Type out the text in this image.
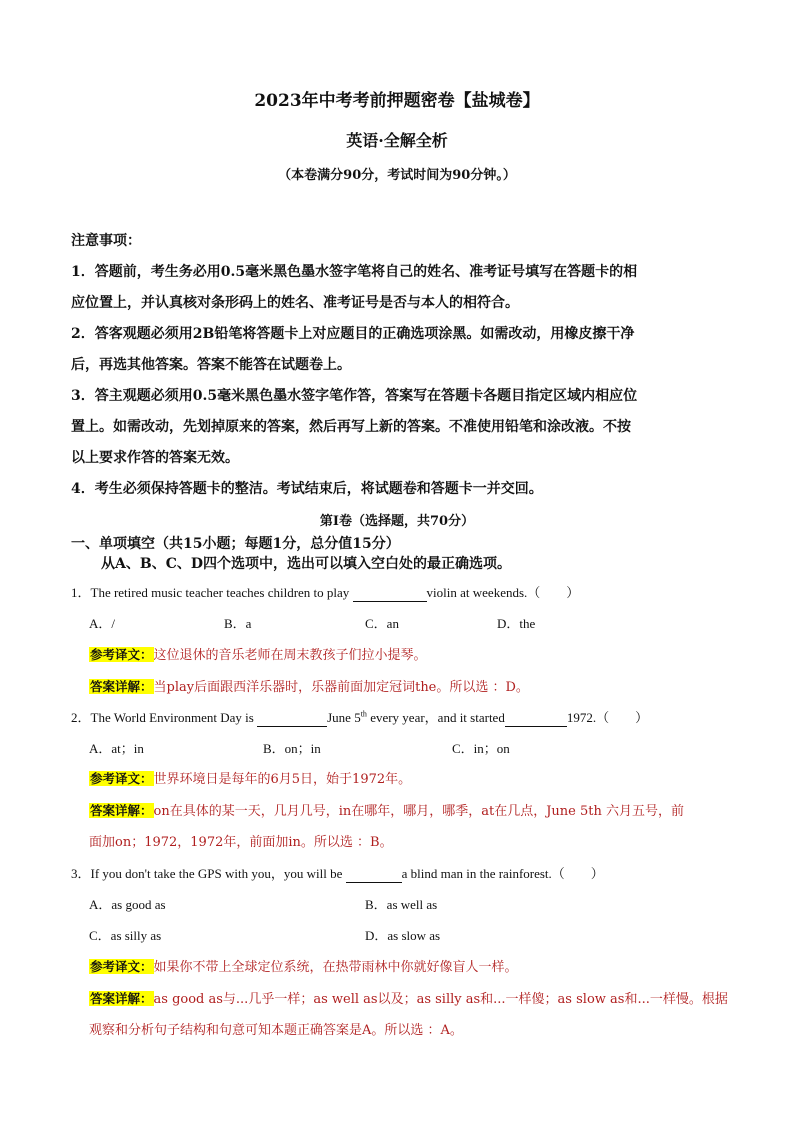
2023年中考考前押题密卷【盐城卷】
英语·全解全析
（本卷满分90分，考试时间为90分钟。）
注意事项：
1．答题前，考生务必用0.5毫米黑色墨水签字笔将自己的姓名、准考证号填写在答题卡的相
应位置上，并认真核对条形码上的姓名、准考证号是否与本人的相符合。
2．答客观题必须用2B铅笔将答题卡上对应题目的正确选项涂黑。如需改动，用橡皮擦干净
后，再选其他答案。答案不能答在试题卷上。
3．答主观题必须用0.5毫米黑色墨水签字笔作答，答案写在答题卡各题目指定区域内相应位
置上。如需改动，先划掉原来的答案，然后再写上新的答案。不准使用铅笔和涂改液。不按
以上要求作答的答案无效。
4．考生必须保持答题卡的整洁。考试结束后，将试题卷和答题卡一并交回。
第I卷（选择题，共70分）
一、单项填空（共15小题；每题1分，总分值15分）
从A、B、C、D四个选项中，选出可以填入空白处的最正确选项。
1．The retired music teacher teaches children to play	violin at weekends.（　　）
A．/	B．a	C．an	D．the
参考译文：这位退休的音乐老师在周末教孩子们拉小提琴。
答案详解：当play后面跟西洋乐器时，乐器前面加定冠词the。所以选 ：D。
2．The World Environment Day is	June 5th every year，and it started	1972.（　　）
A．at；in	B．on；in	C．in；on
参考译文：世界环境日是每年的6月5日，始于1972年。
答案详解：on在具体的某一天，几月几号，in在哪年，哪月，哪季，at在几点，June 5th 六月五号，前
面加on；1972，1972年，前面加in。所以选 ：B。
3．If you don't take the GPS with you，you will be	a blind man in the rainforest.（　　）
A．as good as	B．as well as
C．as silly as	D．as slow as
参考译文：如果你不带上全球定位系统，在热带雨林中你就好像盲人一样。
答案详解：as good as与...几乎一样；as well as以及；as silly as和...一样傻；as slow as和...一样慢。根据
观察和分析句子结构和句意可知本题正确答案是A。所以选 ：A。
